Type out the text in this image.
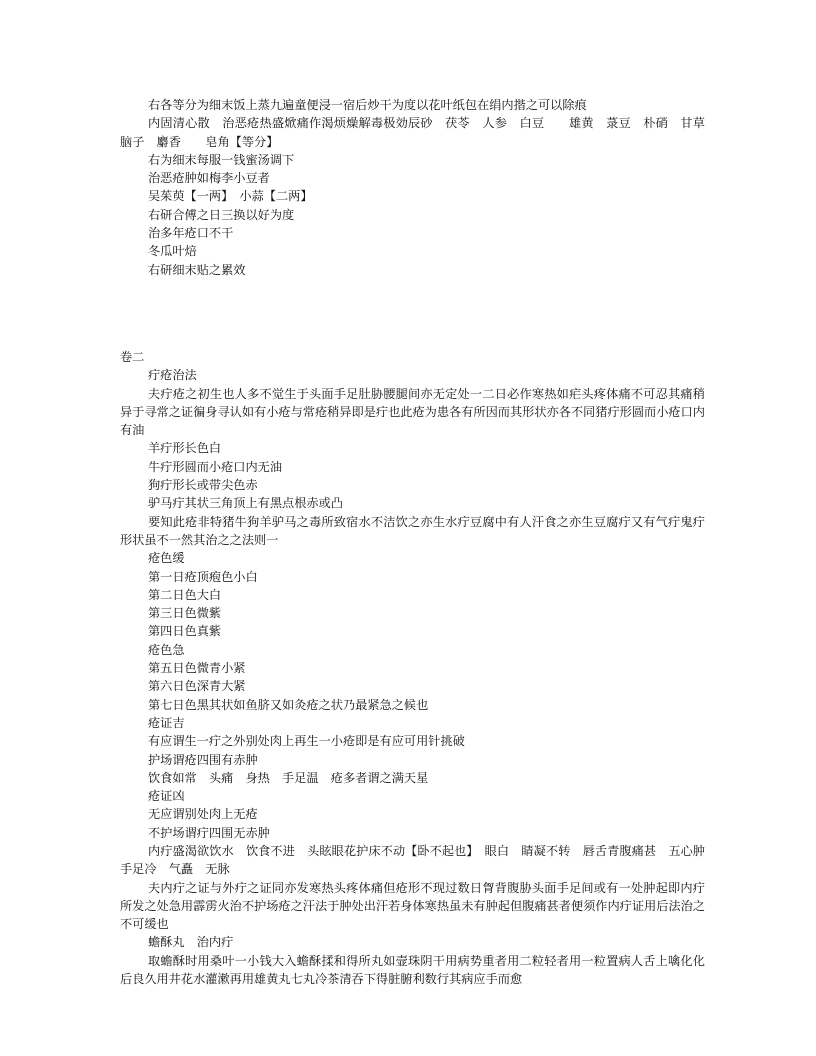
右各等分为细末饭上蒸九遍童便浸一宿后炒干为度以花叶纸包在绢内揩之可以除痕

内固清心散　治恶疮热盛焮痛作渴烦燥解毒极効辰砂　茯苓　人参　白豆　　雄黄　菉豆　朴硝　甘草　脑子　麝香　　皂角【等分】

右为细末每服一钱蜜汤调下

治恶疮肿如梅李小豆者

吴茱萸【一两】　小蒜【二两】

右研合傅之日三换以好为度

治多年疮口不干

冬瓜叶焙

右研细末贴之累效

卷二

疔疮治法

夫疔疮之初生也人多不觉生于头面手足肚胁腰腿间亦无定处一二日必作寒热如疟头疼体痛不可忍其痛稍异于寻常之证徧身寻认如有小疮与常疮稍异即是疔也此疮为患各有所因而其形状亦各不同猪疔形圆而小疮口内有油

羊疔形长色白

牛疔形圆而小疮口内无油

狗疔形长或带尖色赤

驴马疔其状三角顶上有黑点根赤或凸

要知此疮非特猪牛狗羊驴马之毒所致宿水不洁饮之亦生水疔豆腐中有人汗食之亦生豆腐疔又有气疔鬼疔形状虽不一然其治之之法则一

疮色缓

第一日疮顶疱色小白

第二日色大白

第三日色微紫

第四日色真紫

疮色急

第五日色微青小紧

第六日色深青大紧

第七日色黑其状如鱼脐又如灸疮之状乃最紧急之候也

疮证吉

有应谓生一疔之外别处肉上再生一小疮即是有应可用针挑破

护场谓疮四围有赤肿

饮食如常　头痛　身热　手足温　疮多者谓之满天星

疮证凶

无应谓别处肉上无疮

不护场谓疔四围无赤肿

内疔盛渴欲饮水　饮食不进　头眩眼花护床不动【卧不起也】　眼白　睛凝不转　唇舌青腹痛甚　五心肿　手足冷　气矗　无脉

夫内疔之证与外疔之证同亦发寒热头疼体痛但疮形不现过数日胷背腹胁头面手足间或有一处肿起即内疔所发之处急用霹雳火治不护场疮之汗法于肿处出汗若身体寒热虽未有肿起但腹痛甚者便须作内疔证用后法治之不可缓也

蟾酥丸　治内疔

取蟾酥时用桑叶一小钱大入蟾酥揉和得所丸如壸珠阴干用病势重者用二粒轻者用一粒置病人舌上噙化化后良久用井花水灌漱再用雄黄丸七丸冷茶清吞下得脏腑利数行其病应手而愈
